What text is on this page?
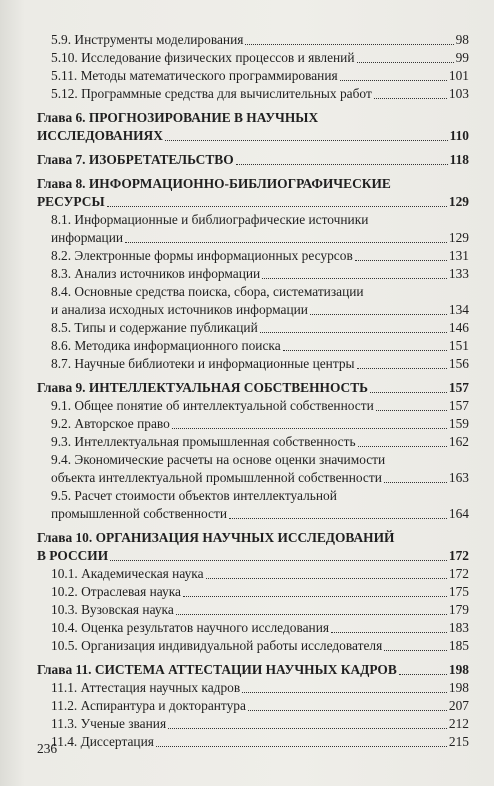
5.9. Инструменты моделирования	98
5.10. Исследование физических процессов и явлений	99
5.11. Методы математического программирования	101
5.12. Программные средства для вычислительных работ	103
Глава 6. ПРОГНОЗИРОВАНИЕ В НАУЧНЫХ
ИССЛЕДОВАНИЯХ	110
Глава 7. ИЗОБРЕТАТЕЛЬСТВО	118
Глава 8. ИНФОРМАЦИОННО-БИБЛИОГРАФИЧЕСКИЕ
РЕСУРСЫ	129
8.1. Информационные и библиографические источники
информации	129
8.2. Электронные формы информационных ресурсов	131
8.3. Анализ источников информации	133
8.4. Основные средства поиска, сбора, систематизации
и анализа исходных источников информации	134
8.5. Типы и содержание публикаций	146
8.6. Методика информационного поиска	151
8.7. Научные библиотеки и информационные центры	156
Глава 9. ИНТЕЛЛЕКТУАЛЬНАЯ СОБСТВЕННОСТЬ	157
9.1. Общее понятие об интеллектуальной собственности	157
9.2. Авторское право	159
9.3. Интеллектуальная промышленная собственность	162
9.4. Экономические расчеты на основе оценки значимости
объекта интеллектуальной промышленной собственности	163
9.5. Расчет стоимости объектов интеллектуальной
промышленной собственности	164
Глава 10. ОРГАНИЗАЦИЯ НАУЧНЫХ ИССЛЕДОВАНИЙ
В РОССИИ	172
10.1. Академическая наука	172
10.2. Отраслевая наука	175
10.3. Вузовская наука	179
10.4. Оценка результатов научного исследования	183
10.5. Организация индивидуальной работы исследователя	185
Глава 11. СИСТЕМА АТТЕСТАЦИИ НАУЧНЫХ КАДРОВ	198
11.1. Аттестация научных кадров	198
11.2. Аспирантура и докторантура	207
11.3. Ученые звания	212
11.4. Диссертация	215
236
